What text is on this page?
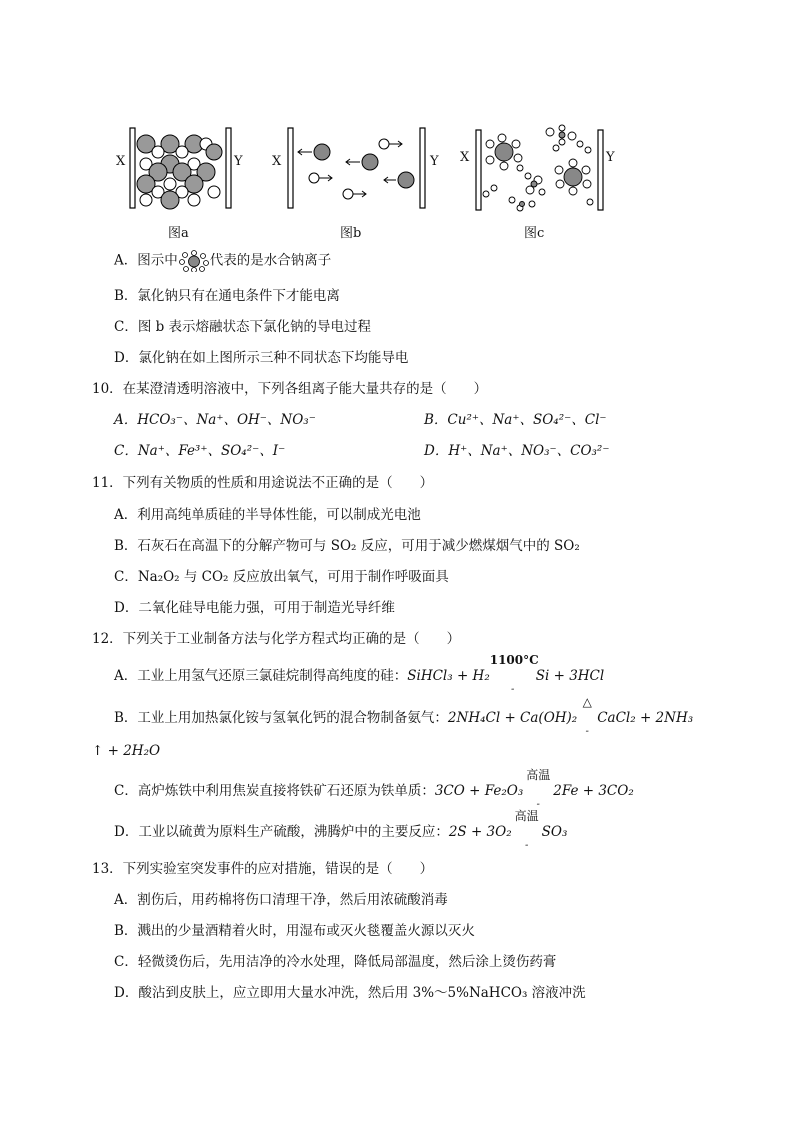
X	Y X	Y X	Y
图a	图b	图c
A．图示中 代表的是水合钠离子
B．氯化钠只有在通电条件下才能电离
C．图 b 表示熔融状态下氯化钠的导电过程
D．氯化钠在如上图所示三种不同状态下均能导电
10．在某澄清透明溶液中，下列各组离子能大量共存的是（　　）
A．HCO₃⁻、Na⁺、OH⁻、NO₃⁻	B．Cu²⁺、Na⁺、SO₄²⁻、Cl⁻
C．Na⁺、Fe³⁺、SO₄²⁻、I⁻	D．H⁺、Na⁺、NO₃⁻、CO₃²⁻
11．下列有关物质的性质和用途说法不正确的是（　　）
A．利用高纯单质硅的半导体性能，可以制成光电池
B．石灰石在高温下的分解产物可与 SO₂ 反应，可用于减少燃煤烟气中的 SO₂
C．Na₂O₂ 与 CO₂ 反应放出氧气，可用于制作呼吸面具
D．二氧化硅导电能力强，可用于制造光导纤维
12．下列关于工业制备方法与化学方程式均正确的是（　　）
A．工业上用氢气还原三氯硅烷制得高纯度的硅：SiHCl₃ + H₂
1100°C
-
Si + 3HCl
B．工业上用加热氯化铵与氢氧化钙的混合物制备氨气：2NH₄Cl + Ca(OH)₂
△
-
CaCl₂ + 2NH₃
↑ + 2H₂O
C．高炉炼铁中利用焦炭直接将铁矿石还原为铁单质：3CO + Fe₂O₃
高温
-
2Fe + 3CO₂
D．工业以硫黄为原料生产硫酸，沸腾炉中的主要反应：2S + 3O₂
高温
-
SO₃
13．下列实验室突发事件的应对措施，错误的是（　　）
A．割伤后，用药棉将伤口清理干净，然后用浓硫酸消毒
B．溅出的少量酒精着火时，用湿布或灭火毯覆盖火源以灭火
C．轻微烫伤后，先用洁净的冷水处理，降低局部温度，然后涂上烫伤药膏
D．酸沾到皮肤上，应立即用大量水冲洗，然后用 3%～5%NaHCO₃ 溶液冲洗
